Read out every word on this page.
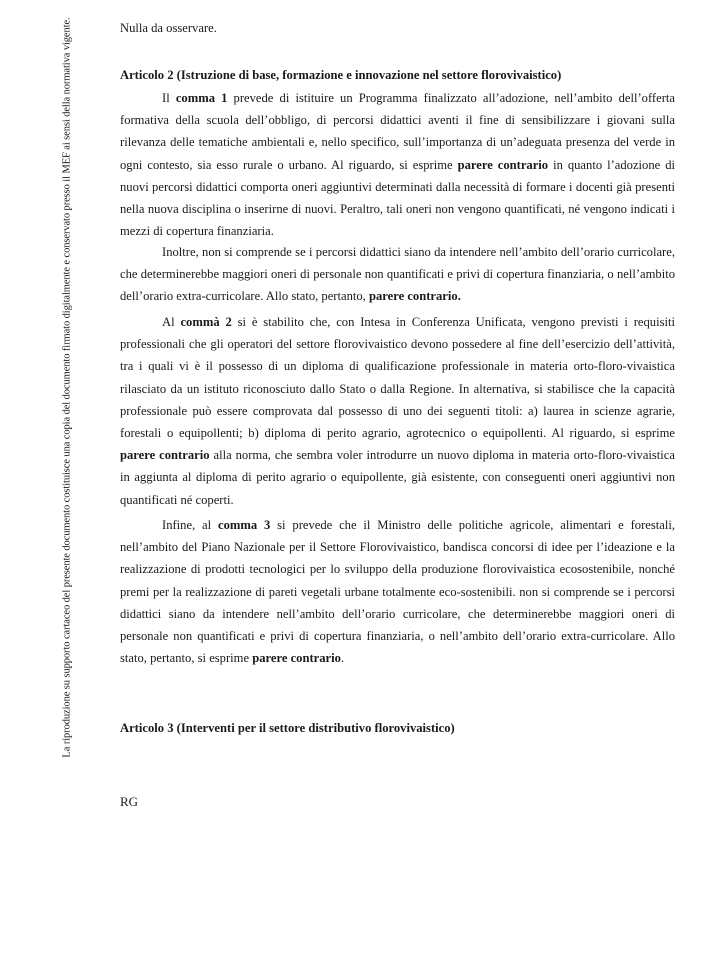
La riproduzione su supporto cartaceo del presente documento costituisce una copia del documento firmato digitalmente e conservato presso il MEF ai sensi della normativa vigente.	Nulla da osservare.

Articolo 2 (Istruzione di base, formazione e innovazione nel settore florovivaistico)

Il comma 1 prevede di istituire un Programma finalizzato all’adozione, nell’ambito dell’offerta formativa della scuola dell’obbligo, di percorsi didattici aventi il fine di sensibilizzare i giovani sulla rilevanza delle tematiche ambientali e, nello specifico, sull’importanza di un’adeguata presenza del verde in ogni contesto, sia esso rurale o urbano. Al riguardo, si esprime parere contrario in quanto l’adozione di nuovi percorsi didattici comporta oneri aggiuntivi determinati dalla necessità di formare i docenti già presenti nella nuova disciplina o inserirne di nuovi. Peraltro, tali oneri non vengono quantificati, né vengono indicati i mezzi di copertura finanziaria.

Inoltre, non si comprende se i percorsi didattici siano da intendere nell’ambito dell’orario curricolare, che determinerebbe maggiori oneri di personale non quantificati e privi di copertura finanziaria, o nell’ambito dell’orario extra-curricolare. Allo stato, pertanto, parere contrario.

Al commà 2 si è stabilito che, con Intesa in Conferenza Unificata, vengono previsti i requisiti professionali che gli operatori del settore florovivaistico devono possedere al fine dell’esercizio dell’attività, tra i quali vi è il possesso di un diploma di qualificazione professionale in materia orto-floro-vivaistica rilasciato da un istituto riconosciuto dallo Stato o dalla Regione. In alternativa, si stabilisce che la capacità professionale può essere comprovata dal possesso di uno dei seguenti titoli: a) laurea in scienze agrarie, forestali o equipollenti; b) diploma di perito agrario, agrotecnico o equipollenti. Al riguardo, si esprime parere contrario alla norma, che sembra voler introdurre un nuovo diploma in materia orto-floro-vivaistica in aggiunta al diploma di perito agrario o equipollente, già esistente, con conseguenti oneri aggiuntivi non quantificati né coperti.

Infine, al comma 3 si prevede che il Ministro delle politiche agricole, alimentari e forestali, nell’ambito del Piano Nazionale per il Settore Florovivaistico, bandisca concorsi di idee per l’ideazione e la realizzazione di prodotti tecnologici per lo sviluppo della produzione florovivaistica ecosostenibile, nonché premi per la realizzazione di pareti vegetali urbane totalmente eco-sostenibili. non si comprende se i percorsi didattici siano da intendere nell’ambito dell’orario curricolare, che determinerebbe maggiori oneri di personale non quantificati e privi di copertura finanziaria, o nell’ambito dell’orario extra-curricolare. Allo stato, pertanto, si esprime parere contrario.

Articolo 3 (Interventi per il settore distributivo florovivaistico)

RG
